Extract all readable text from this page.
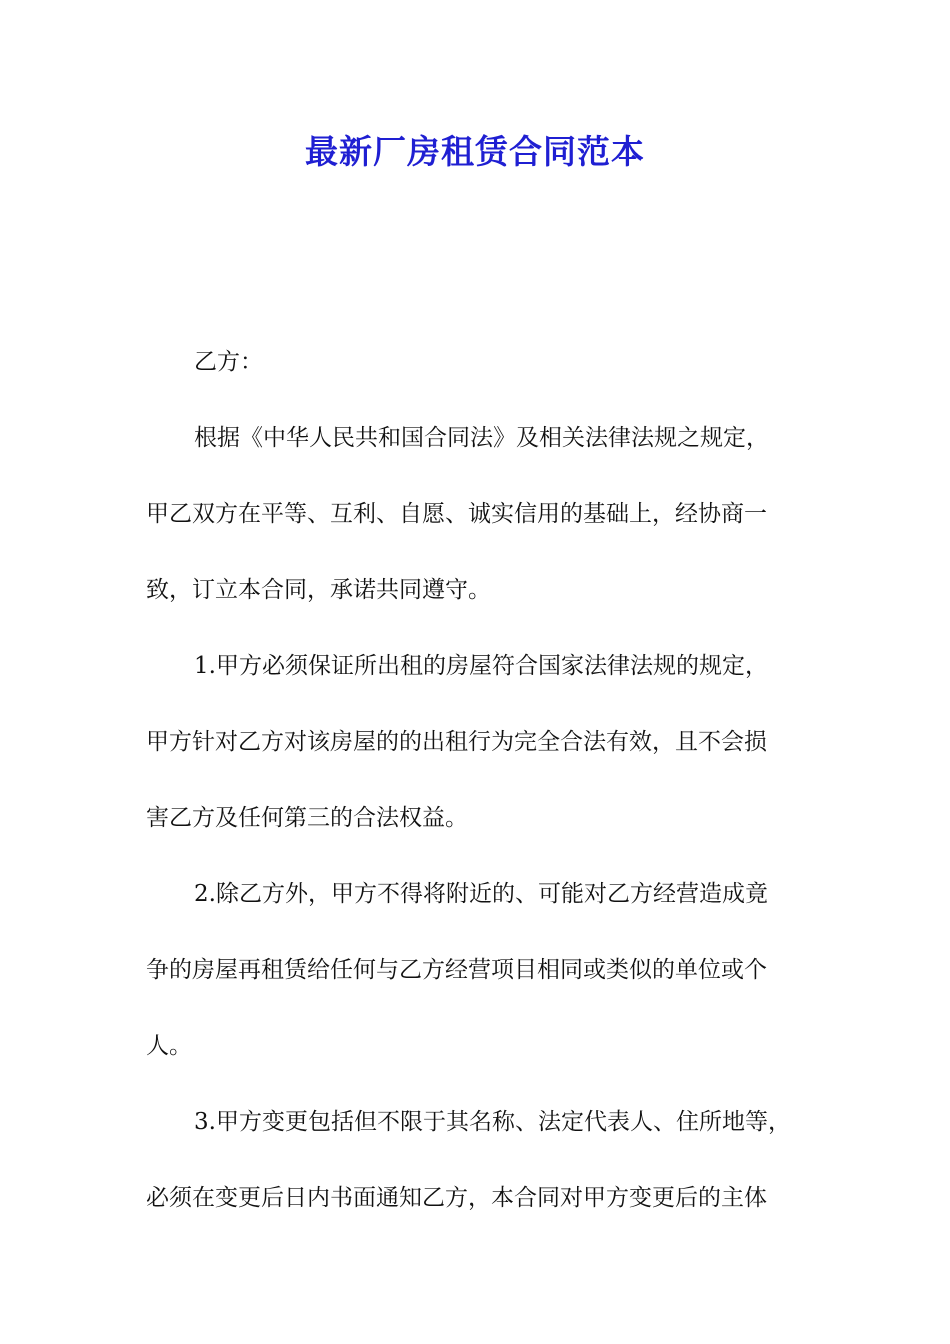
最新厂房租赁合同范本

乙方：

根据《中华人民共和国合同法》及相关法律法规之规定，

甲乙双方在平等、互利、自愿、诚实信用的基础上，经协商一

致，订立本合同，承诺共同遵守。

1.甲方必须保证所出租的房屋符合国家法律法规的规定，

甲方针对乙方对该房屋的的出租行为完全合法有效，且不会损

害乙方及任何第三的合法权益。

2.除乙方外，甲方不得将附近的、可能对乙方经营造成竟

争的房屋再租赁给任何与乙方经营项目相同或类似的单位或个

人。

3.甲方变更包括但不限于其名称、法定代表人、住所地等，

必须在变更后日内书面通知乙方，本合同对甲方变更后的主体
